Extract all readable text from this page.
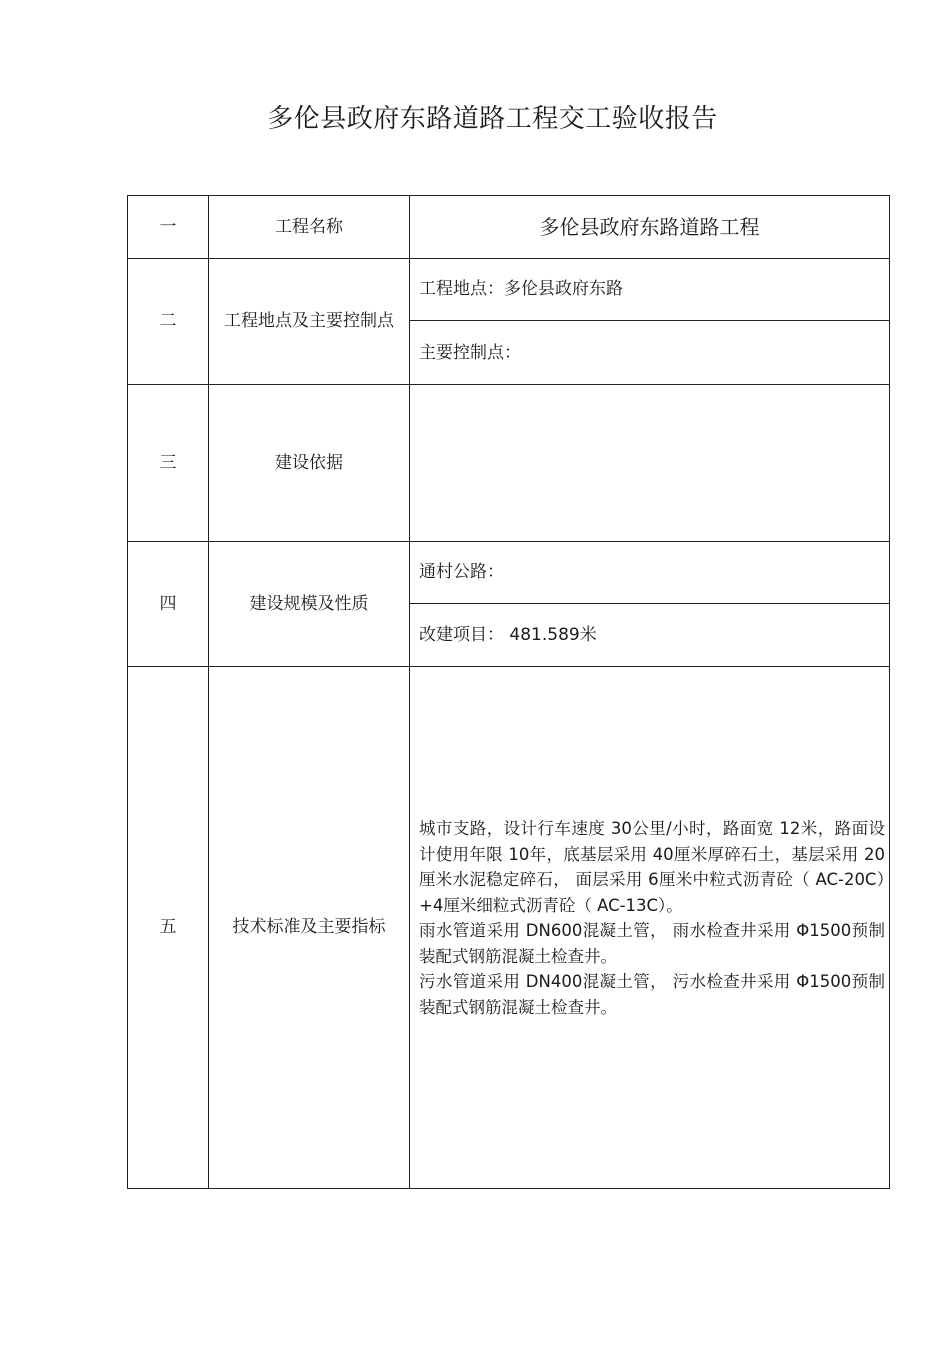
多伦县政府东路道路工程交工验收报告
一	工程名称	多伦县政府东路道路工程
二	工程地点及主要控制点
工程地点：多伦县政府东路
主要控制点：
三	建设依据
四	建设规模及性质
通村公路：
改建项目： 481.589米
五	技术标准及主要指标

城市支路，设计行车速度 30公里/小时，路面宽 12米，路面设计使用年限 10年，底基层采用 40厘米厚碎石土，基层采用 20厘米水泥稳定碎石， 面层采用 6厘米中粒式沥青砼（ AC-20C）+4厘米细粒式沥青砼（ AC-13C）。

雨水管道采用 DN600混凝土管， 雨水检查井采用 Φ1500预制装配式钢筋混凝土检查井。

污水管道采用 DN400混凝土管， 污水检查井采用 Φ1500预制装配式钢筋混凝土检查井。
